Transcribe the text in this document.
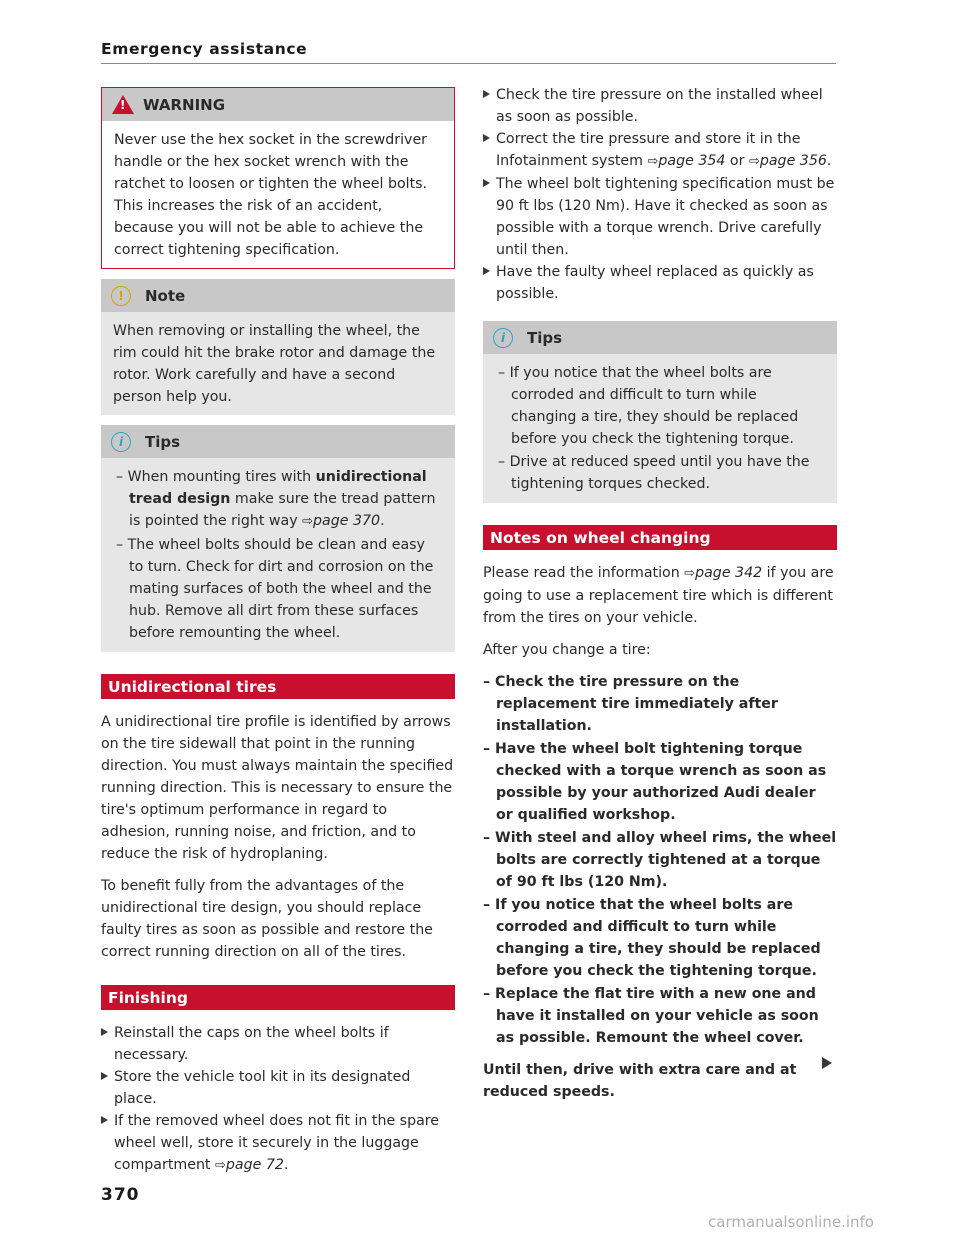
Emergency assistance
!
WARNING

Never use the hex socket in the screwdriver handle or the hex socket wrench with the ratchet to loosen or tighten the wheel bolts. This increases the risk of an accident, because you will not be able to achieve the correct tightening specification.

!	Note

When removing or installing the wheel, the rim could hit the brake rotor and damage the rotor. Work carefully and have a second person help you.

i	Tips
– When mounting tires with unidirectional tread design make sure the tread pattern is pointed the right way ⇨page 370.
– The wheel bolts should be clean and easy to turn. Check for dirt and corrosion on the mating surfaces of both the wheel and the hub. Remove all dirt from these surfaces before remounting the wheel.
Unidirectional tires

A unidirectional tire profile is identified by arrows on the tire sidewall that point in the running direction. You must always maintain the specified running direction. This is necessary to ensure the tire's optimum performance in regard to adhesion, running noise, and friction, and to reduce the risk of hydroplaning.

To benefit fully from the advantages of the unidirectional tire design, you should replace faulty tires as soon as possible and restore the correct running direction on all of the tires.

Finishing
Reinstall the caps on the wheel bolts if necessary.
Store the vehicle tool kit in its designated place.
If the removed wheel does not fit in the spare wheel well, store it securely in the luggage compartment ⇨page 72.
Check the tire pressure on the installed wheel as soon as possible.
Correct the tire pressure and store it in the Infotainment system ⇨page 354 or ⇨page 356.
The wheel bolt tightening specification must be 90 ft lbs (120 Nm). Have it checked as soon as possible with a torque wrench. Drive carefully until then.
Have the faulty wheel replaced as quickly as possible.
i	Tips
– If you notice that the wheel bolts are corroded and difficult to turn while changing a tire, they should be replaced before you check the tightening torque.
– Drive at reduced speed until you have the tightening torques checked.
Notes on wheel changing

Please read the information ⇨page 342 if you are going to use a replacement tire which is different from the tires on your vehicle.

After you change a tire:

– Check the tire pressure on the replacement tire immediately after installation.
– Have the wheel bolt tightening torque checked with a torque wrench as soon as possible by your authorized Audi dealer or qualified workshop.
– With steel and alloy wheel rims, the wheel bolts are correctly tightened at a torque of 90 ft lbs (120 Nm).
– If you notice that the wheel bolts are corroded and difficult to turn while changing a tire, they should be replaced before you check the tightening torque.
– Replace the flat tire with a new one and have it installed on your vehicle as soon as possible. Remount the wheel cover.

Until then, drive with extra care and at reduced speeds.

370
carmanualsonline.info
